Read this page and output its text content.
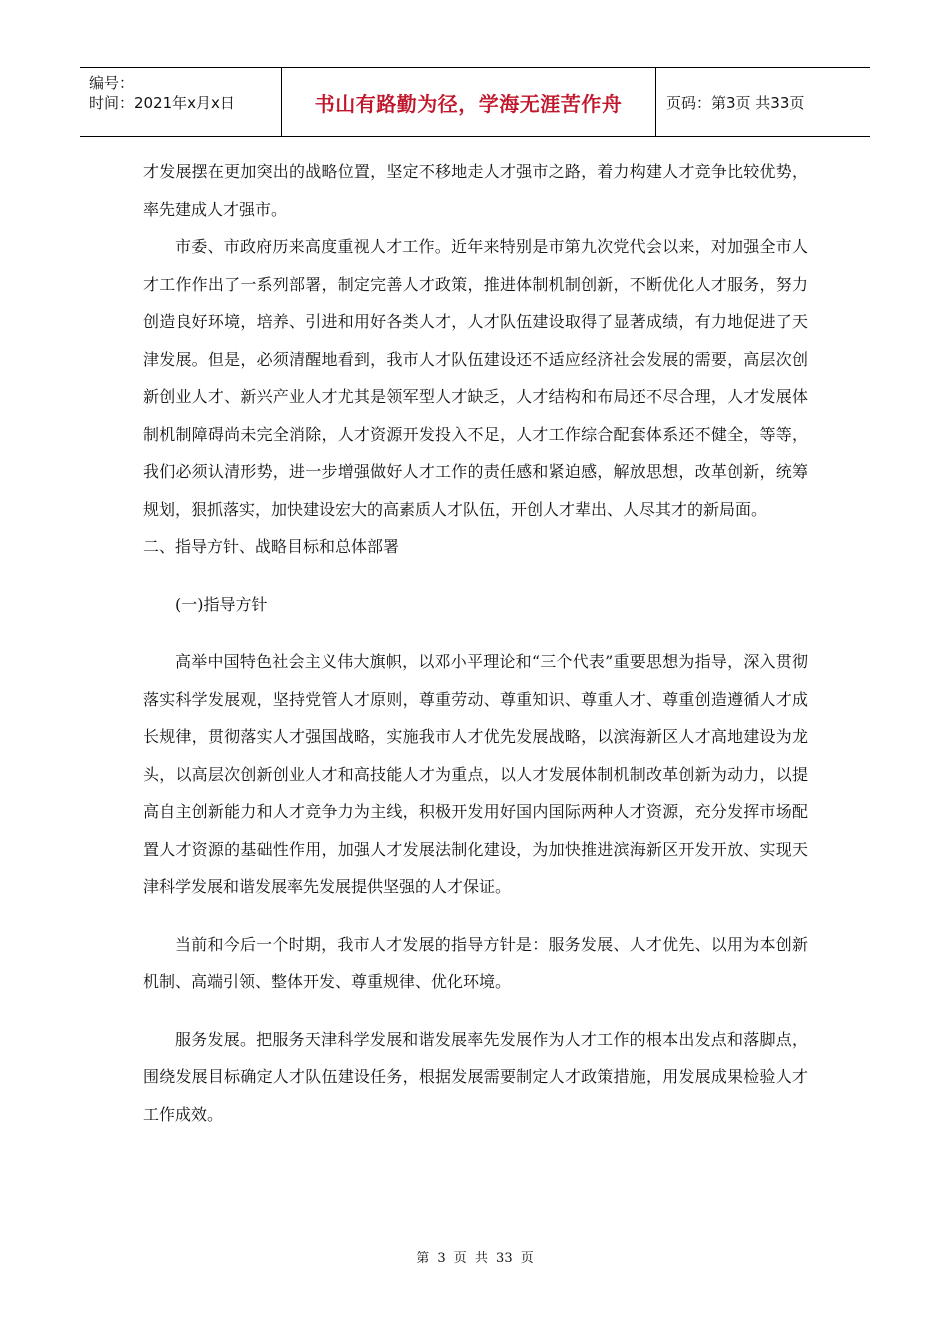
编号：
时间：2021年x月x日	书山有路勤为径，学海无涯苦作舟	页码：第3页 共33页

才发展摆在更加突出的战略位置，坚定不移地走人才强市之路，着力构建人才竞争比较优势，率先建成人才强市。

市委、市政府历来高度重视人才工作。近年来特别是市第九次党代会以来，对加强全市人才工作作出了一系列部署，制定完善人才政策，推进体制机制创新，不断优化人才服务，努力创造良好环境，培养、引进和用好各类人才，人才队伍建设取得了显著成绩，有力地促进了天津发展。但是，必须清醒地看到，我市人才队伍建设还不适应经济社会发展的需要，高层次创新创业人才、新兴产业人才尤其是领军型人才缺乏，人才结构和布局还不尽合理，人才发展体制机制障碍尚未完全消除，人才资源开发投入不足，人才工作综合配套体系还不健全，等等，我们必须认清形势，进一步增强做好人才工作的责任感和紧迫感，解放思想，改革创新，统筹规划，狠抓落实，加快建设宏大的高素质人才队伍，开创人才辈出、人尽其才的新局面。

二、指导方针、战略目标和总体部署

(一)指导方针

高举中国特色社会主义伟大旗帜，以邓小平理论和“三个代表”重要思想为指导，深入贯彻落实科学发展观，坚持党管人才原则，尊重劳动、尊重知识、尊重人才、尊重创造遵循人才成长规律，贯彻落实人才强国战略，实施我市人才优先发展战略，以滨海新区人才高地建设为龙头，以高层次创新创业人才和高技能人才为重点，以人才发展体制机制改革创新为动力，以提高自主创新能力和人才竞争力为主线，积极开发用好国内国际两种人才资源，充分发挥市场配置人才资源的基础性作用，加强人才发展法制化建设，为加快推进滨海新区开发开放、实现天津科学发展和谐发展率先发展提供坚强的人才保证。

当前和今后一个时期，我市人才发展的指导方针是：服务发展、人才优先、以用为本创新机制、高端引领、整体开发、尊重规律、优化环境。

服务发展。把服务天津科学发展和谐发展率先发展作为人才工作的根本出发点和落脚点，围绕发展目标确定人才队伍建设任务，根据发展需要制定人才政策措施，用发展成果检验人才工作成效。

第 3 页 共 33 页
